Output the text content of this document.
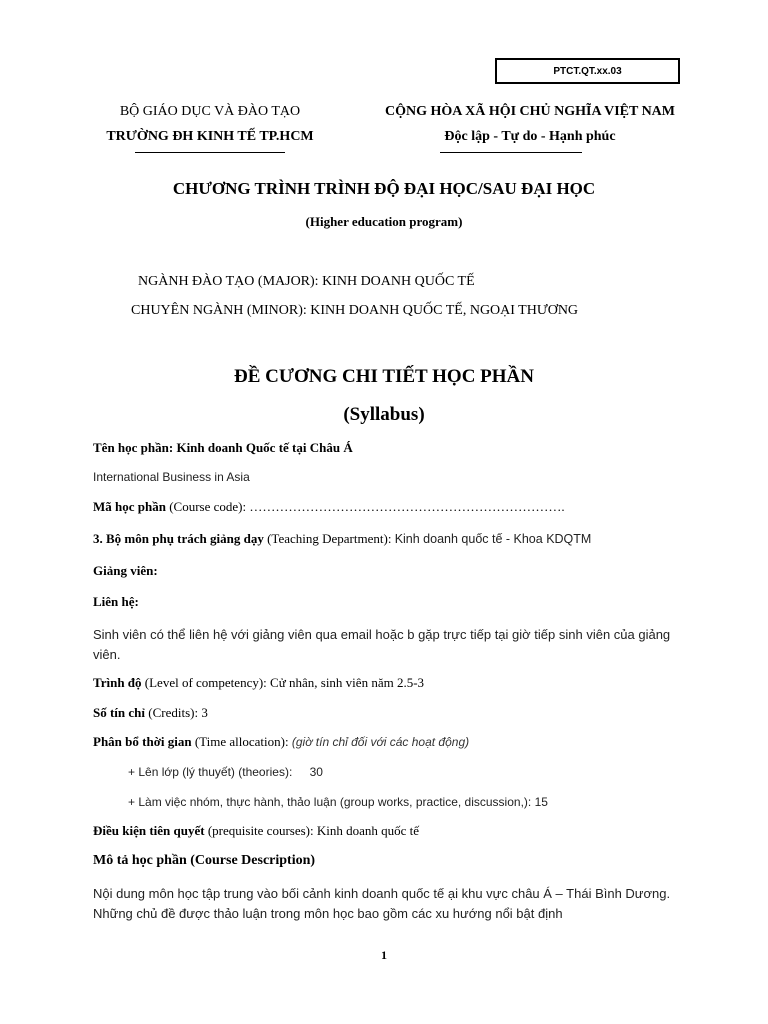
PTCT.QT.xx.03
BỘ GIÁO DỤC VÀ ĐÀO TẠO
TRƯỜNG ĐH KINH TẾ TP.HCM
CỘNG HÒA XÃ HỘI CHỦ NGHĨA VIỆT NAM
Độc lập - Tự do - Hạnh phúc
CHƯƠNG TRÌNH TRÌNH ĐỘ ĐẠI HỌC/SAU ĐẠI HỌC
(Higher education program)
NGÀNH ĐÀO TẠO (MAJOR): KINH DOANH QUỐC TẾ
CHUYÊN NGÀNH (MINOR): KINH DOANH QUỐC TẾ, NGOẠI THƯƠNG
ĐỀ CƯƠNG CHI TIẾT HỌC PHẦN
(Syllabus)
Tên học phần: Kinh doanh Quốc tế tại Châu Á
International Business in Asia
Mã học phần (Course code): ……………………………………………………………….
3. Bộ môn phụ trách giảng dạy (Teaching Department): Kinh doanh quốc tế - Khoa KDQTM
Giảng viên:
Liên hệ:
Sinh viên có thể liên hệ với giảng viên qua email hoặc b gặp trực tiếp tại giờ tiếp sinh viên của giảng viên.
Trình độ (Level of competency): Cử nhân, sinh viên năm 2.5-3
Số tín chỉ (Credits): 3
Phân bổ thời gian (Time allocation): (giờ tín chỉ đối với các hoạt động)
+ Lên lớp (lý thuyết) (theories): 30
+ Làm việc nhóm, thực hành, thảo luận (group works, practice, discussion,): 15
Điều kiện tiên quyết (prequisite courses): Kinh doanh quốc tế
Mô tả học phần (Course Description)
Nội dung môn học tập trung vào bối cảnh kinh doanh quốc tế ại khu vực châu Á – Thái Bình Dương. Những chủ đề được thảo luận trong môn học bao gồm các xu hướng nổi bật định
1
